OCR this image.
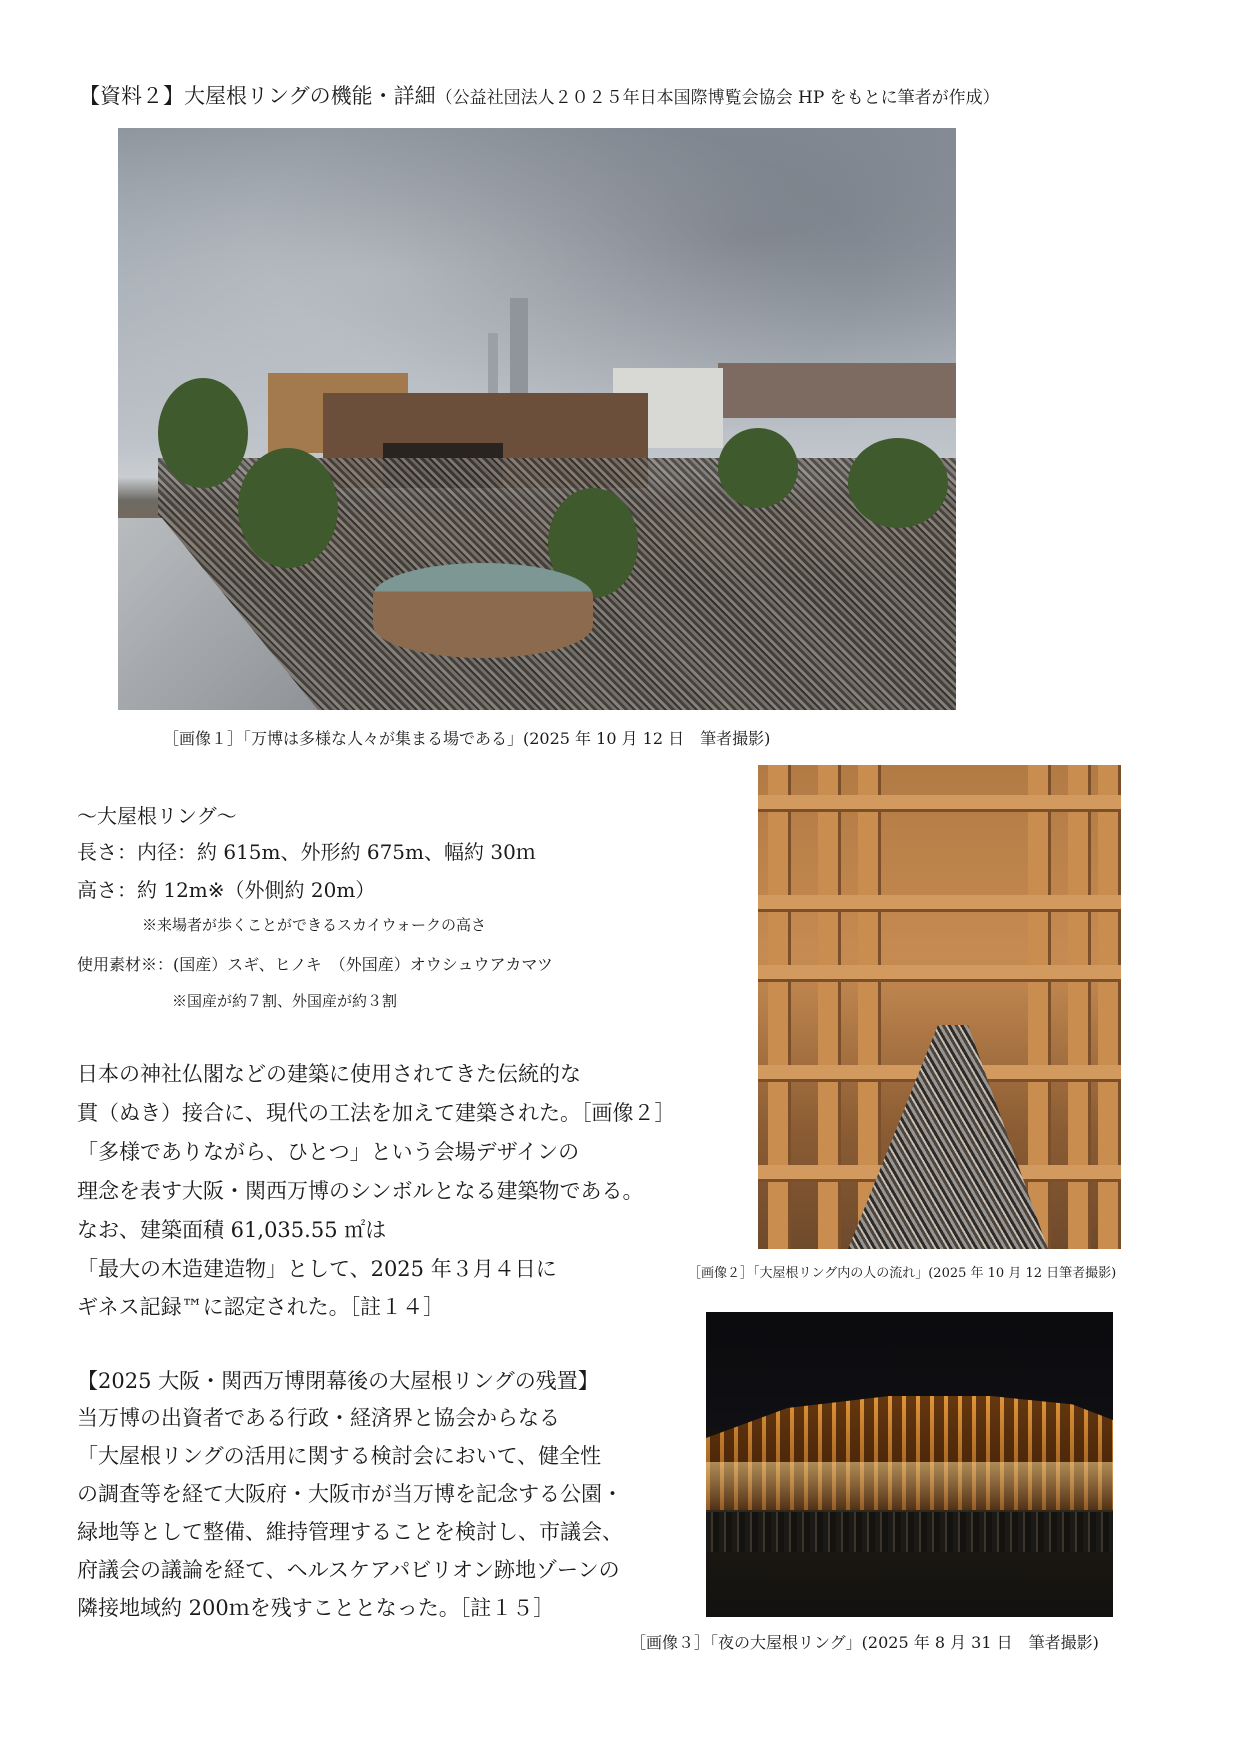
【資料２】大屋根リングの機能・詳細（公益社団法人２０２５年日本国際博覧会協会 HP をもとに筆者が作成）

［画像１］「万博は多様な人々が集まる場である」(2025 年 10 月 12 日　筆者撮影)

〜大屋根リング〜

長さ：内径：約 615m、外形約 675m、幅約 30ｍ

高さ：約 12m※（外側約 20m）

※来場者が歩くことができるスカイウォークの高さ

使用素材※：(国産）スギ、ヒノキ　（外国産）オウシュウアカマツ

※国産が約７割、外国産が約３割

日本の神社仏閣などの建築に使用されてきた伝統的な

貫（ぬき）接合に、現代の工法を加えて建築された。［画像２］

「多様でありながら、ひとつ」という会場デザインの

理念を表す大阪・関西万博のシンボルとなる建築物である。

なお、建築面積 61,035.55 ㎡は

「最大の木造建造物」として、2025 年３月４日に

ギネス記録™に認定された。［註１４］

［画像２］「大屋根リング内の人の流れ」(2025 年 10 月 12 日筆者撮影)

【2025 大阪・関西万博閉幕後の大屋根リングの残置】

当万博の出資者である行政・経済界と協会からなる

「大屋根リングの活用に関する検討会において、健全性

の調査等を経て大阪府・大阪市が当万博を記念する公園・

緑地等として整備、維持管理することを検討し、市議会、

府議会の議論を経て、ヘルスケアパビリオン跡地ゾーンの

隣接地域約 200ｍを残すこととなった。［註１５］

［画像３］「夜の大屋根リング」(2025 年 8 月 31 日　筆者撮影)
